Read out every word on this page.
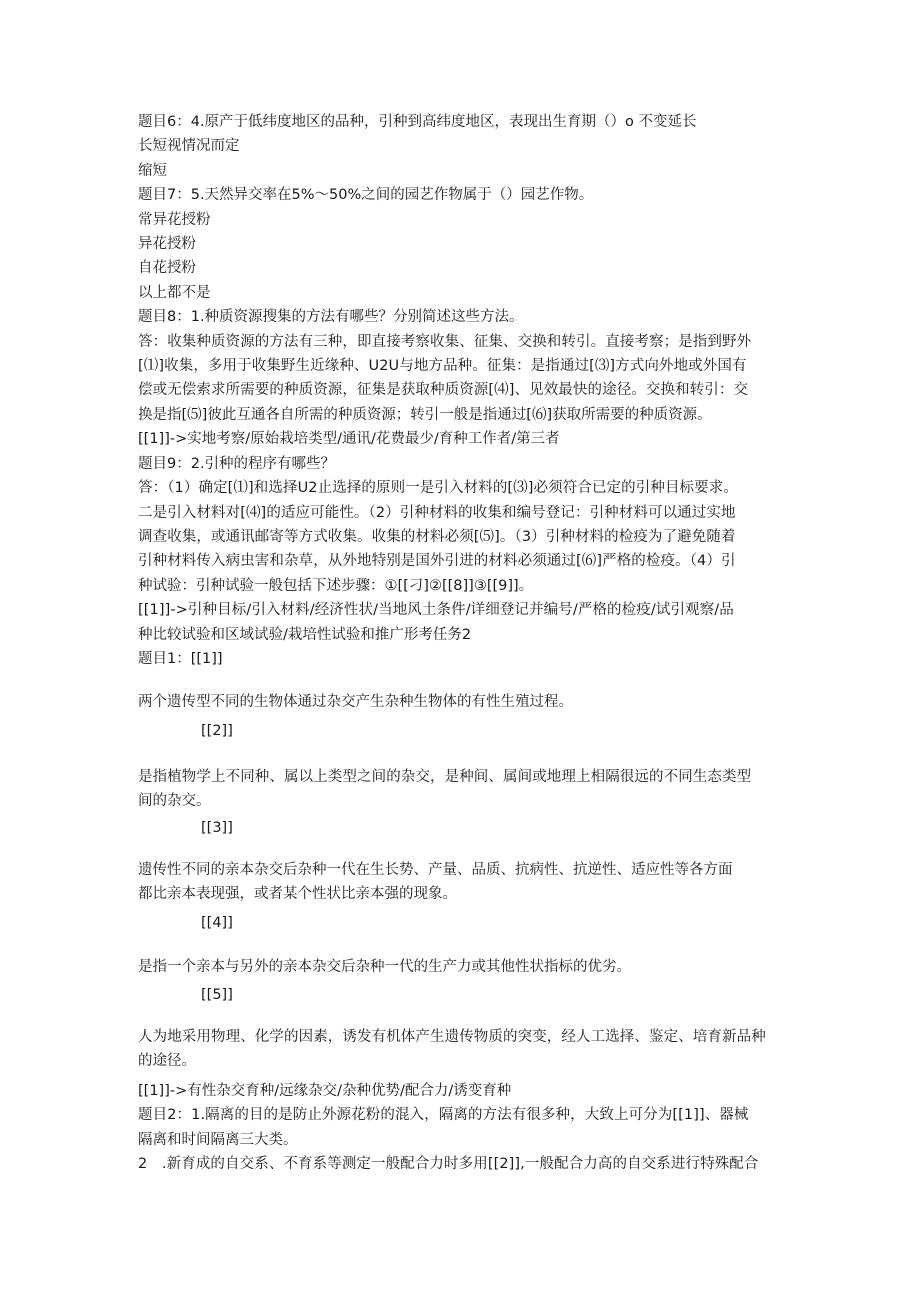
题目6：4.原产于低纬度地区的品种，引种到高纬度地区，表现出生育期（）o 不变延长
长短视情况而定
缩短
题目7：5.天然异交率在5%～50%之间的园艺作物属于（）园艺作物。
常异花授粉
异花授粉
自花授粉
以上都不是
题目8：1.种质资源搜集的方法有哪些？分别简述这些方法。
答：收集种质资源的方法有三种，即直接考察收集、征集、交换和转引。直接考察；是指到野外
[⑴]收集，多用于收集野生近缘种、U2U与地方品种。征集：是指通过[⑶]方式向外地或外国有
偿或无偿索求所需要的种质资源，征集是获取种质资源[⑷]、见效最快的途径。交换和转引：交
换是指[⑸]彼此互通各自所需的种质资源；转引一般是指通过[⑹]获取所需要的种质资源。
[[1]]->实地考察/原始栽培类型/通讯/花费最少/育种工作者/第三者
题目9：2.引种的程序有哪些？
答：（1）确定[⑴]和选择U2止选择的原则一是引入材料的[⑶]必须符合已定的引种目标要求。
二是引入材料对[⑷]的适应可能性。（2）引种材料的收集和编号登记：引种材料可以通过实地
调查收集，或通讯邮寄等方式收集。收集的材料必须[⑸]。（3）引种材料的检疫为了避免随着
引种材料传入病虫害和杂草，从外地特别是国外引进的材料必须通过[⑹]严格的检疫。（4）引
种试验：引种试验一般包括下述步骤：①[[刁]②[[8]]③[[9]]。
[[1]]->引种目标/引入材料/经济性状/当地风土条件/详细登记并编号/严格的检疫/试引观察/品
种比较试验和区域试验/栽培性试验和推广形考任务2
题目1：[[1]]
两个遗传型不同的生物体通过杂交产生杂种生物体的有性生殖过程。
[[2]]
是指植物学上不同种、属以上类型之间的杂交，是种间、属间或地理上相隔很远的不同生态类型
间的杂交。
[[3]]
遗传性不同的亲本杂交后杂种一代在生长势、产量、品质、抗病性、抗逆性、适应性等各方面
都比亲本表现强，或者某个性状比亲本强的现象。
[[4]]
是指一个亲本与另外的亲本杂交后杂种一代的生产力或其他性状指标的优劣。
[[5]]
人为地采用物理、化学的因素，诱发有机体产生遗传物质的突变，经人工选择、鉴定、培育新品种
的途径。
[[1]]->有性杂交育种/远缘杂交/杂种优势/配合力/诱变育种
题目2：1.隔离的目的是防止外源花粉的混入，隔离的方法有很多种，大致上可分为[[1]]、器械
隔离和时间隔离三大类。
2　.新育成的自交系、不育系等测定一般配合力时多用[[2]],一般配合力高的自交系进行特殊配合
